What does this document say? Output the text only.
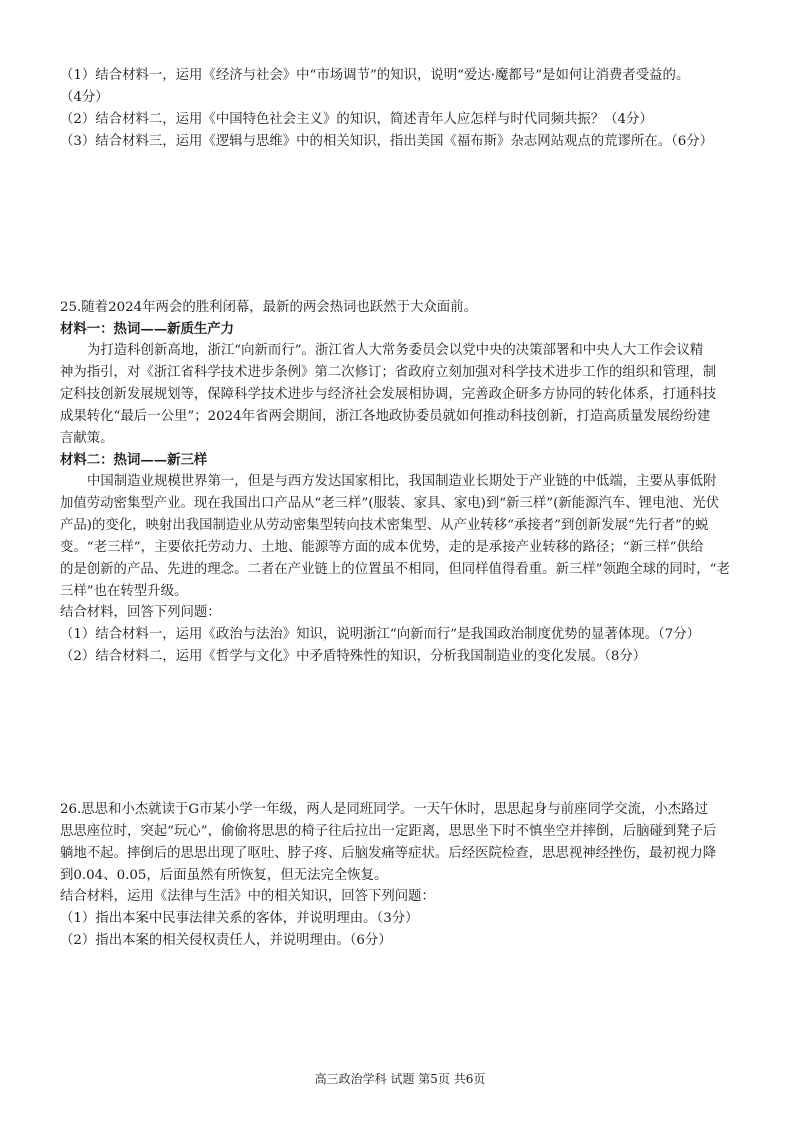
（1）结合材料一，运用《经济与社会》中“市场调节”的知识，说明“爱达·魔都号”是如何让消费者受益的。
（4分）
（2）结合材料二，运用《中国特色社会主义》的知识，简述青年人应怎样与时代同频共振？（4分）
（3）结合材料三，运用《逻辑与思维》中的相关知识，指出美国《福布斯》杂志网站观点的荒谬所在。（6分）
25.随着2024年两会的胜利闭幕，最新的两会热词也跃然于大众面前。
材料一：热词——新质生产力
为打造科创新高地，浙江“向新而行”。浙江省人大常务委员会以党中央的决策部署和中央人大工作会议精
神为指引，对《浙江省科学技术进步条例》第二次修订；省政府立刻加强对科学技术进步工作的组织和管理，制
定科技创新发展规划等，保障科学技术进步与经济社会发展相协调，完善政企研多方协同的转化体系，打通科技
成果转化“最后一公里”；2024年省两会期间，浙江各地政协委员就如何推动科技创新，打造高质量发展纷纷建
言献策。
材料二：热词——新三样
中国制造业规模世界第一，但是与西方发达国家相比，我国制造业长期处于产业链的中低端，主要从事低附
加值劳动密集型产业。现在我国出口产品从“老三样”(服装、家具、家电)到“新三样”(新能源汽车、锂电池、光伏
产品)的变化，映射出我国制造业从劳动密集型转向技术密集型、从产业转移“承接者”到创新发展“先行者”的蜕
变。“老三样”，主要依托劳动力、土地、能源等方面的成本优势，走的是承接产业转移的路径；“新三样”供给
的是创新的产品、先进的理念。二者在产业链上的位置虽不相同，但同样值得看重。新三样”领跑全球的同时，“老
三样”也在转型升级。
结合材料，回答下列问题：
（1）结合材料一，运用《政治与法治》知识，说明浙江“向新而行”是我国政治制度优势的显著体现。（7分）
（2）结合材料二，运用《哲学与文化》中矛盾特殊性的知识，分析我国制造业的变化发展。（8分）
26.思思和小杰就读于G市某小学一年级，两人是同班同学。一天午休时，思思起身与前座同学交流，小杰路过
思思座位时，突起“玩心”，偷偷将思思的椅子往后拉出一定距离，思思坐下时不慎坐空并摔倒，后脑碰到凳子后
躺地不起。摔倒后的思思出现了呕吐、脖子疼、后脑发痛等症状。后经医院检查，思思视神经挫伤，最初视力降
到0.04、0.05，后面虽然有所恢复，但无法完全恢复。
结合材料，运用《法律与生活》中的相关知识，回答下列问题：
（1）指出本案中民事法律关系的客体，并说明理由。（3分）
（2）指出本案的相关侵权责任人，并说明理由。（6分）
高三政治学科 试题 第5页 共6页
